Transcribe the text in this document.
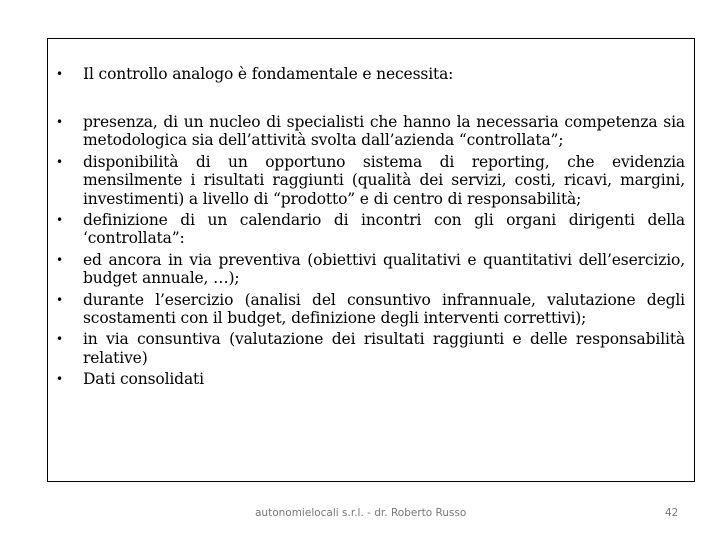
•	Il controllo analogo è fondamentale e necessita:
•	presenza, di un nucleo di specialisti che hanno la necessaria competenza sia metodologica sia dell’attività svolta dall’azienda “controllata”;
•	disponibilità di un opportuno sistema di reporting, che evidenzia mensilmente i risultati raggiunti (qualità dei servizi, costi, ricavi, margini, investimenti) a livello di “prodotto” e di centro di responsabilità;
•	definizione di un calendario di incontri con gli organi dirigenti della ‘controllata”:
•	ed ancora in via preventiva (obiettivi qualitativi e quantitativi dell’esercizio, budget annuale, …);
•	durante l’esercizio (analisi del consuntivo infrannuale, valutazione degli scostamenti con il budget, definizione degli interventi correttivi);
•	in via consuntiva (valutazione dei risultati raggiunti e delle responsabilità relative)
•	Dati consolidati
autonomielocali s.r.l. - dr. Roberto Russo	42
